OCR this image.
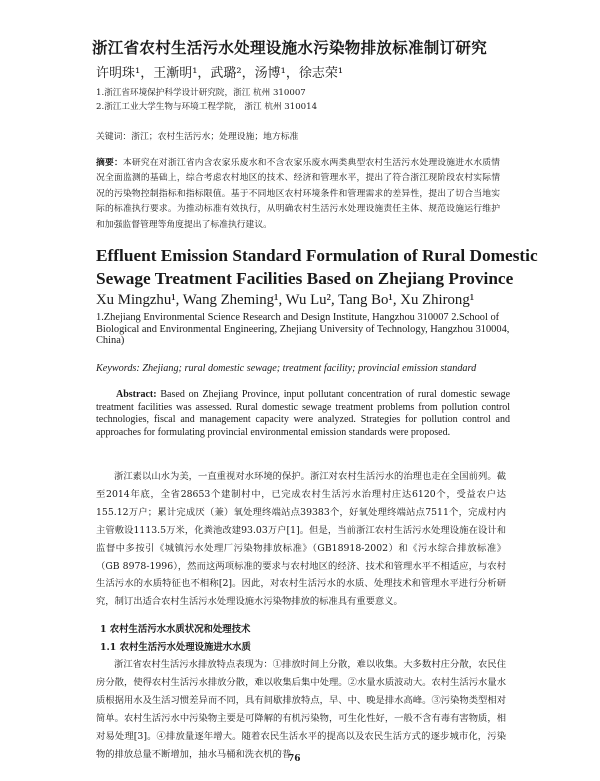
浙江省农村生活污水处理设施水污染物排放标准制订研究
许明珠¹，王漸明¹，武璐²，汤博¹，徐志荣¹
1.浙江省环境保护科学设计研究院，浙江 杭州 310007
2.浙江工业大学生物与环境工程学院， 浙江 杭州 310014
关键词：浙江；农村生活污水；处理设施；地方标准
摘要：本研究在对浙江省内含农家乐废水和不含农家乐废水两类典型农村生活污水处理设施进水水质情况全面监测的基础上，综合考虑农村地区的技术、经济和管理水平，提出了符合浙江现阶段农村实际情况的污染物控制指标和指标限值。基于不同地区农村环境条件和管理需求的差异性，提出了切合当地实际的标准执行要求。为推动标准有效执行，从明确农村生活污水处理设施责任主体、规范设施运行维护和加强监督管理等角度提出了标准执行建议。
Effluent Emission Standard Formulation of Rural Domestic
Sewage Treatment Facilities Based on Zhejiang Province
Xu Mingzhu¹, Wang Zheming¹, Wu Lu², Tang Bo¹, Xu Zhirong¹
1.Zhejiang Environmental Science Research and Design Institute, Hangzhou 310007 2.School of Biological and Environmental Engineering, Zhejiang University of Technology, Hangzhou 310004, China)
Keywords: Zhejiang; rural domestic sewage; treatment facility; provincial emission standard
Abstract: Based on Zhejiang Province, input pollutant concentration of rural domestic sewage treatment facilities was assessed. Rural domestic sewage treatment problems from pollution control technologies, fiscal and management capacity were analyzed. Strategies for pollution control and approaches for formulating provincial environmental emission standards were proposed.
浙江素以山水为美，一直重视对水环境的保护。浙江对农村生活污水的治理也走在全国前列。截至2014年底，全省28653个建制村中，已完成农村生活污水治理村庄达6120个，受益农户达155.12万户；累计完成厌（兼）氧处理终端站点39383个，好氧处理终端站点7511个，完成村内主管敷设1113.5万米，化粪池改建93.03万户[1]。但是，当前浙江农村生活污水处理设施在设计和监督中多按引《城镇污水处理厂污染物排放标准》（GB18918-2002）和《污水综合排放标准》（GB 8978-1996），然而这两项标准的要求与农村地区的经济、技术和管理水平不相适应，与农村生活污水的水质特征也不相称[2]。因此，对农村生活污水的水质、处理技术和管理水平进行分析研究，制订出适合农村生活污水处理设施水污染物排放的标准具有重要意义。
1 农村生活污水水质状况和处理技术
1.1 农村生活污水处理设施进水水质
浙江省农村生活污水排放特点表现为：①排放时间上分散，难以收集。大多数村庄分散，农民住房分散，使得农村生活污水排放分散，难以收集后集中处理。②水量水质波动大。农村生活污水量水质根据用水及生活习惯差异而不同，具有间歇排放特点，早、中、晚是排水高峰。③污染物类型相对简单。农村生活污水中污染物主要是可降解的有机污染物，可生化性好，一般不含有毒有害物质，相对易处理[3]。④排放量逐年增大。随着农民生活水平的提高以及农民生活方式的逐步城市化，污染物的排放总量不断增加，抽水马桶和洗衣机的普
76
